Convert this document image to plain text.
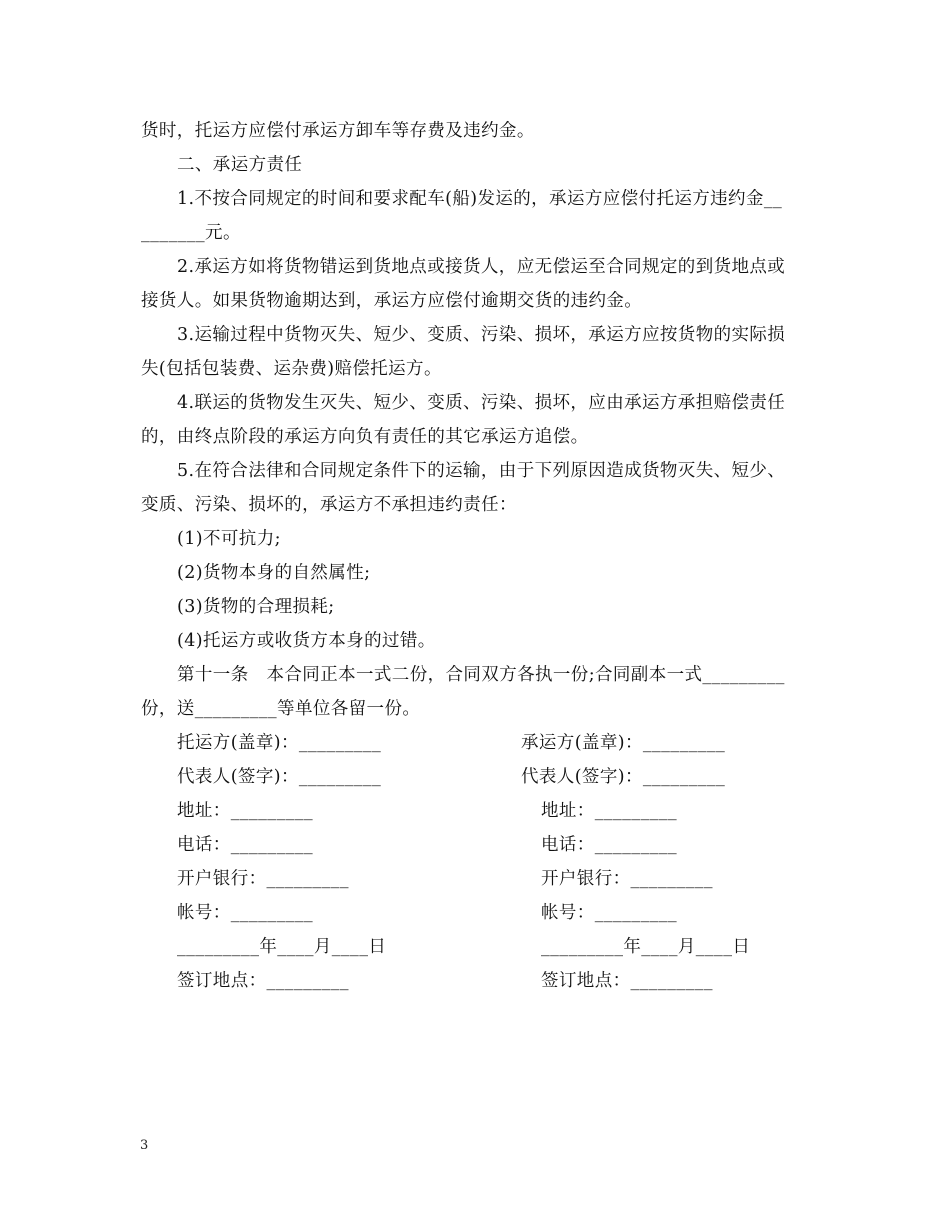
货时，托运方应偿付承运方卸车等存费及违约金。
二、承运方责任
1.不按合同规定的时间和要求配车(船)发运的，承运方应偿付托运方违约金__
_______元。
2.承运方如将货物错运到货地点或接货人，应无偿运至合同规定的到货地点或
接货人。如果货物逾期达到，承运方应偿付逾期交货的违约金。
3.运输过程中货物灭失、短少、变质、污染、损坏，承运方应按货物的实际损
失(包括包装费、运杂费)赔偿托运方。
4.联运的货物发生灭失、短少、变质、污染、损坏，应由承运方承担赔偿责任
的，由终点阶段的承运方向负有责任的其它承运方追偿。
5.在符合法律和合同规定条件下的运输，由于下列原因造成货物灭失、短少、
变质、污染、损坏的，承运方不承担违约责任：
(1)不可抗力;
(2)货物本身的自然属性;
(3)货物的合理损耗;
(4)托运方或收货方本身的过错。
第十一条　本合同正本一式二份，合同双方各执一份;合同副本一式_________
份，送_________等单位各留一份。
托运方(盖章)：_________
代表人(签字)：_________
地址：_________
电话：_________
开户银行：_________
帐号：_________
_________年____月____日
签订地点：_________
承运方(盖章)：_________
代表人(签字)：_________
地址：_________
电话：_________
开户银行：_________
帐号：_________
_________年____月____日
签订地点：_________
3
